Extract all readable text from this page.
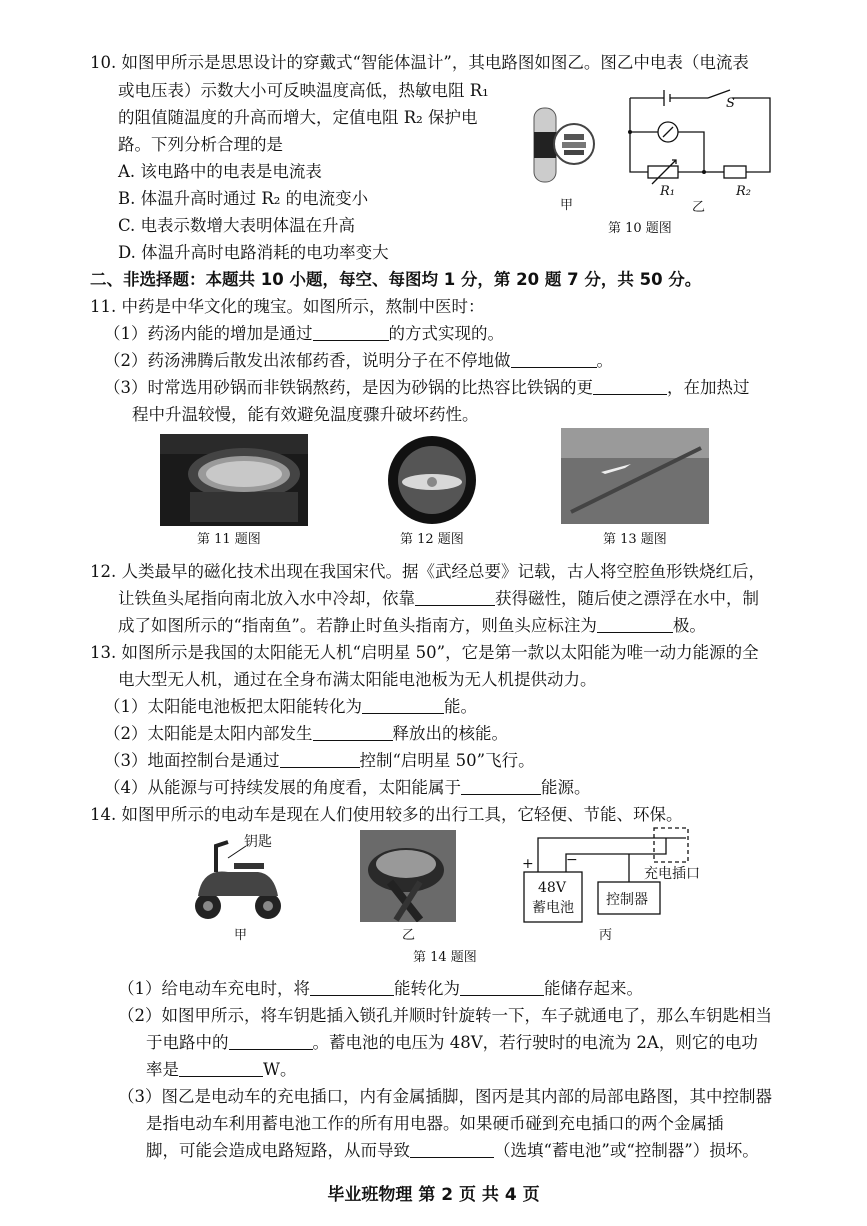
10. 如图甲所示是思思设计的穿戴式“智能体温计”，其电路图如图乙。图乙中电表（电流表
或电压表）示数大小可反映温度高低，热敏电阻 R₁
的阻值随温度的升高而增大，定值电阻 R₂ 保护电
路。下列分析合理的是
A. 该电路中的电表是电流表
B. 体温升高时通过 R₂ 的电流变小
C. 电表示数增大表明体温在升高
D. 体温升高时电路消耗的电功率变大
甲
S
R₁	R₂
乙
第 10 题图
二、非选择题：本题共 10 小题，每空、每图均 1 分，第 20 题 7 分，共 50 分。
11. 中药是中华文化的瑰宝。如图所示，熬制中医时：
（1）药汤内能的增加是通过	的方式实现的。
（2）药汤沸腾后散发出浓郁药香，说明分子在不停地做	。
（3）时常选用砂锅而非铁锅熬药，是因为砂锅的比热容比铁锅的更	，在加热过
程中升温较慢，能有效避免温度骤升破坏药性。
第 11 题图	第 12 题图	第 13 题图
12. 人类最早的磁化技术出现在我国宋代。据《武经总要》记载，古人将空腔鱼形铁烧红后，
让铁鱼头尾指向南北放入水中冷却，依靠	获得磁性，随后使之漂浮在水中，制
成了如图所示的“指南鱼”。若静止时鱼头指南方，则鱼头应标注为	极。
13. 如图所示是我国的太阳能无人机“启明星 50”，它是第一款以太阳能为唯一动力能源的全
电大型无人机，通过在全身布满太阳能电池板为无人机提供动力。
（1）太阳能电池板把太阳能转化为	能。
（2）太阳能是太阳内部发生	释放出的核能。
（3）地面控制台是通过	控制“启明星 50”飞行。
（4）从能源与可持续发展的角度看，太阳能属于	能源。
14. 如图甲所示的电动车是现在人们使用较多的出行工具，它轻便、节能、环保。
钥匙
甲	乙
+ −
48V
蓄电池 控制器
充电插口
丙
第 14 题图
（1）给电动车充电时，将	能转化为	能储存起来。
（2）如图甲所示，将车钥匙插入锁孔并顺时针旋转一下，车子就通电了，那么车钥匙相当
于电路中的	。蓄电池的电压为 48V，若行驶时的电流为 2A，则它的电功
率是	W。
（3）图乙是电动车的充电插口，内有金属插脚，图丙是其内部的局部电路图，其中控制器
是指电动车利用蓄电池工作的所有用电器。如果硬币碰到充电插口的两个金属插
脚，可能会造成电路短路，从而导致	（选填“蓄电池”或“控制器”）损坏。
毕业班物理 第 2 页 共 4 页
